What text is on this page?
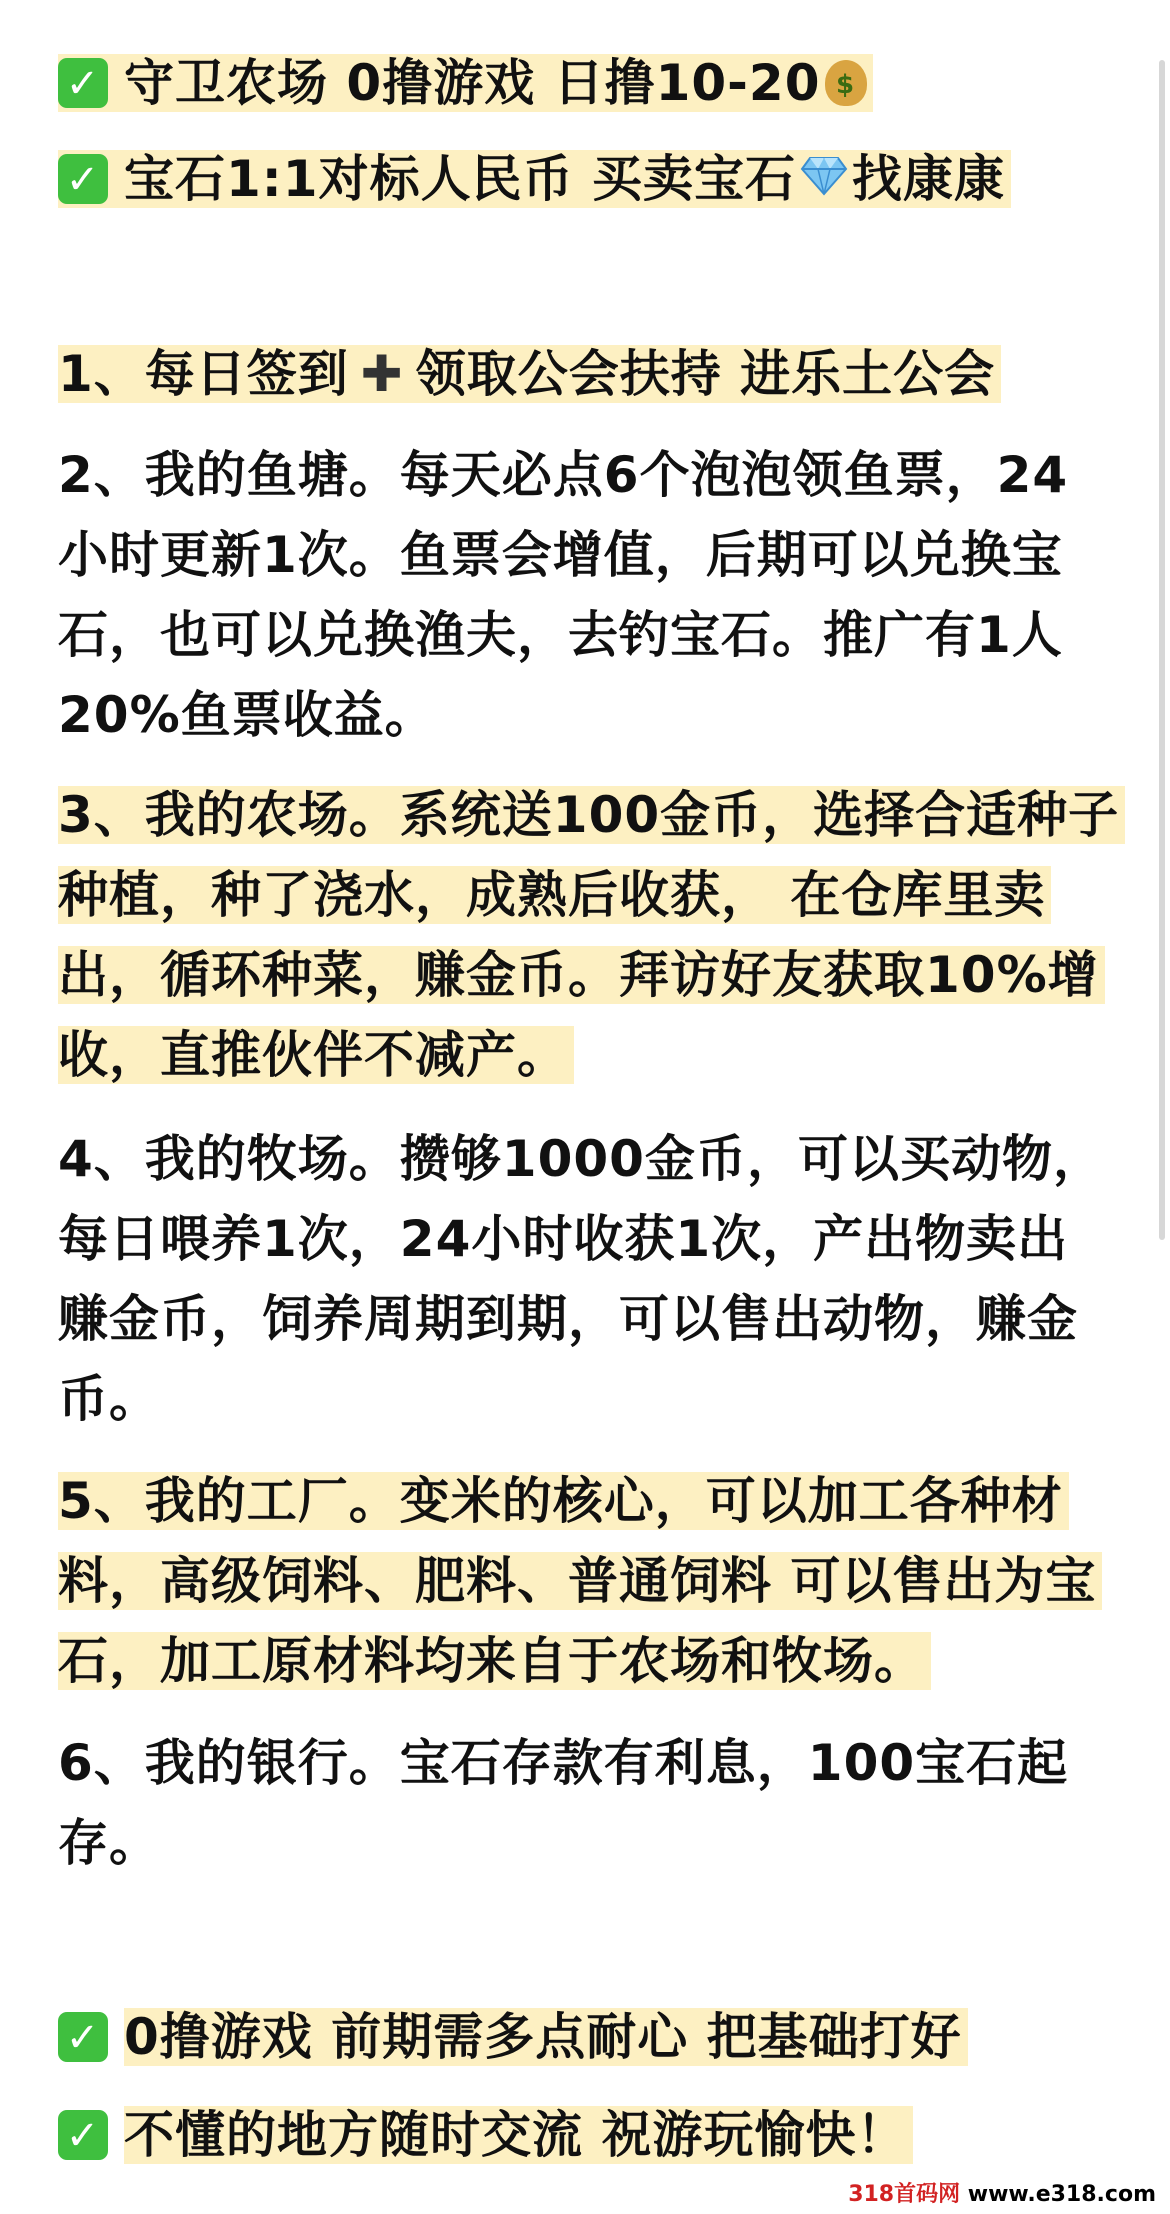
✓ 守卫农场 0撸游戏 日撸10-20 $
✓ 宝石1:1对标人民币 买卖宝石 找康康
1、每日签到 ✚ 领取公会扶持 进乐土公会
2、我的鱼塘。每天必点6个泡泡领鱼票，24
小时更新1次。鱼票会增值，后期可以兑换宝
石，也可以兑换渔夫，去钓宝石。推广有1人
20%鱼票收益。
3、我的农场。系统送100金币，选择合适种子
种植，种了浇水，成熟后收获， 在仓库里卖
出，循环种菜，赚金币。拜访好友获取10%增
收，直推伙伴不减产。
4、我的牧场。攒够1000金币，可以买动物，
每日喂养1次，24小时收获1次，产出物卖出
赚金币，饲养周期到期，可以售出动物，赚金
币。
5、我的工厂。变米的核心，可以加工各种材
料，高级饲料、肥料、普通饲料 可以售出为宝
石，加工原材料均来自于农场和牧场。
6、我的银行。宝石存款有利息，100宝石起
存。
✓ 0撸游戏 前期需多点耐心 把基础打好
✓ 不懂的地方随时交流 祝游玩愉快！
318首码网 www.e318.com
